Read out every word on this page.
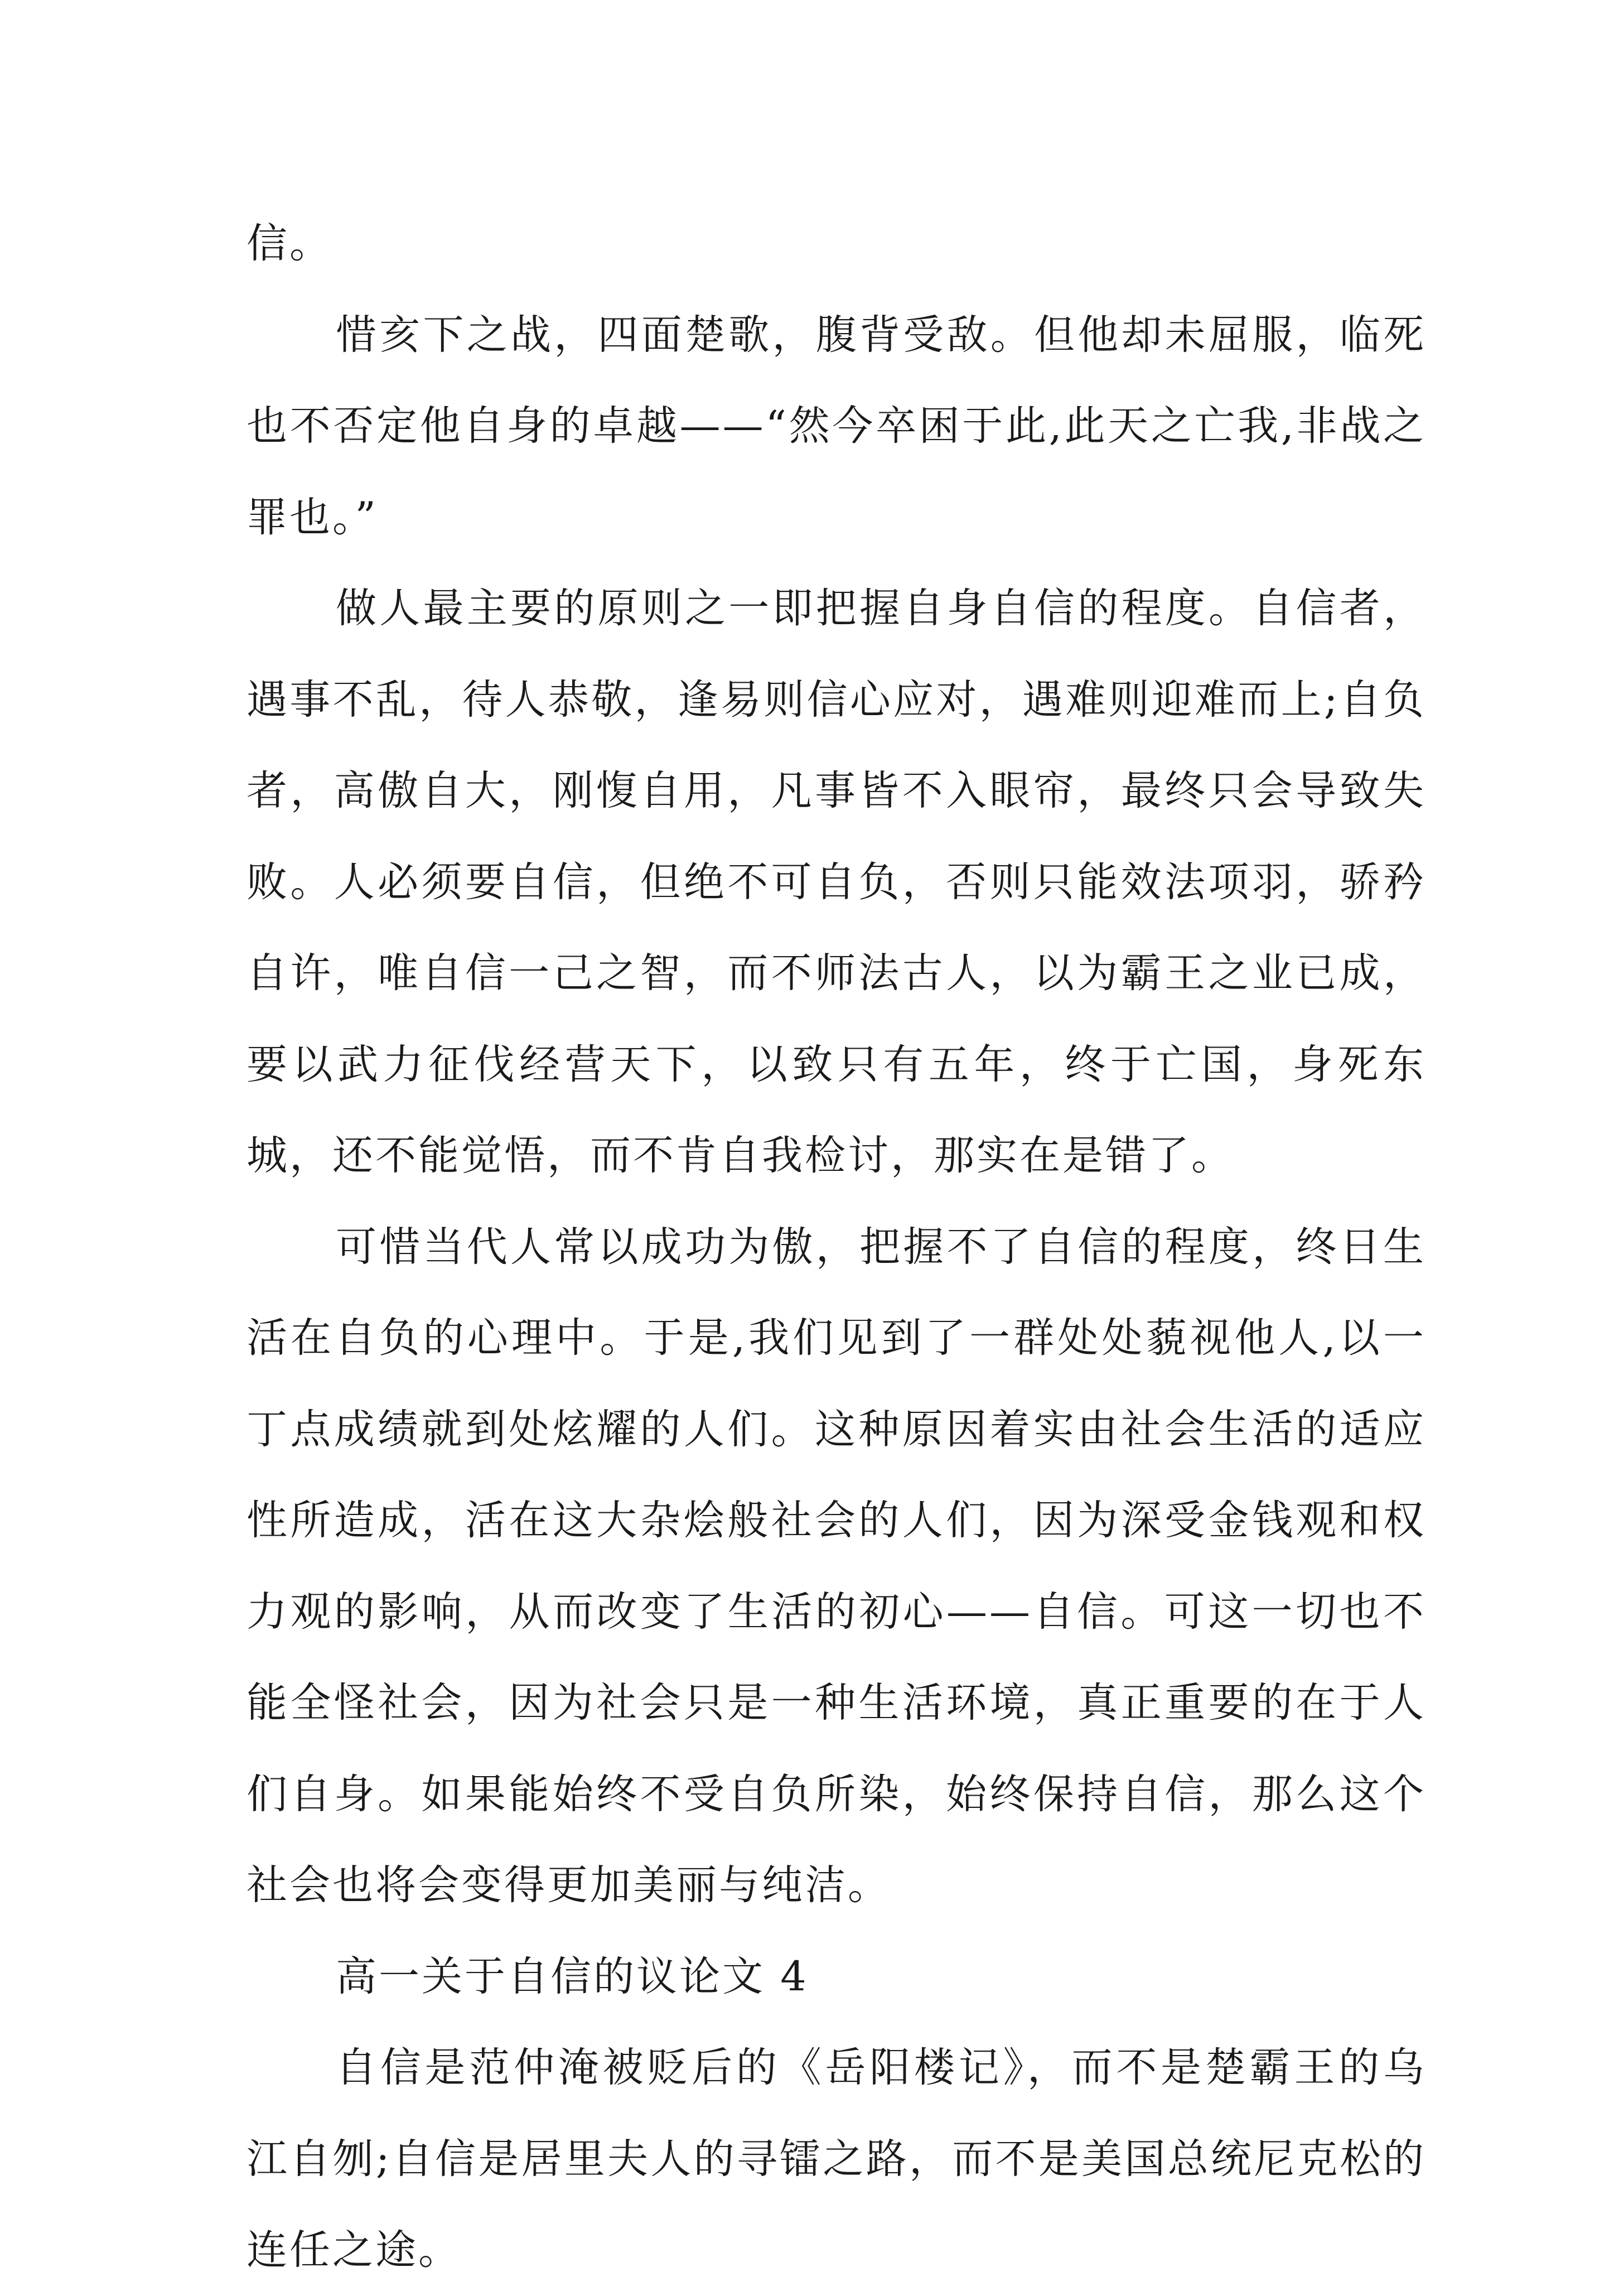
信。

惜亥下之战，四面楚歌，腹背受敌。但他却未屈服，临死也不否定他自身的卓越——“然今卒困于此,此天之亡我,非战之罪也。”

做人最主要的原则之一即把握自身自信的程度。自信者，遇事不乱，待人恭敬，逢易则信心应对，遇难则迎难而上;自负者，高傲自大，刚愎自用，凡事皆不入眼帘，最终只会导致失败。人必须要自信，但绝不可自负，否则只能效法项羽，骄矜自许，唯自信一己之智，而不师法古人，以为霸王之业已成，要以武力征伐经营天下，以致只有五年，终于亡国，身死东城，还不能觉悟，而不肯自我检讨，那实在是错了。

可惜当代人常以成功为傲，把握不了自信的程度，终日生活在自负的心理中。于是,我们见到了一群处处藐视他人,以一丁点成绩就到处炫耀的人们。这种原因着实由社会生活的适应性所造成，活在这大杂烩般社会的人们，因为深受金钱观和权力观的影响，从而改变了生活的初心——自信。可这一切也不能全怪社会，因为社会只是一种生活环境，真正重要的在于人们自身。如果能始终不受自负所染，始终保持自信，那么这个社会也将会变得更加美丽与纯洁。

高一关于自信的议论文 4

自信是范仲淹被贬后的《岳阳楼记》，而不是楚霸王的乌江自刎;自信是居里夫人的寻镭之路，而不是美国总统尼克松的连任之途。
